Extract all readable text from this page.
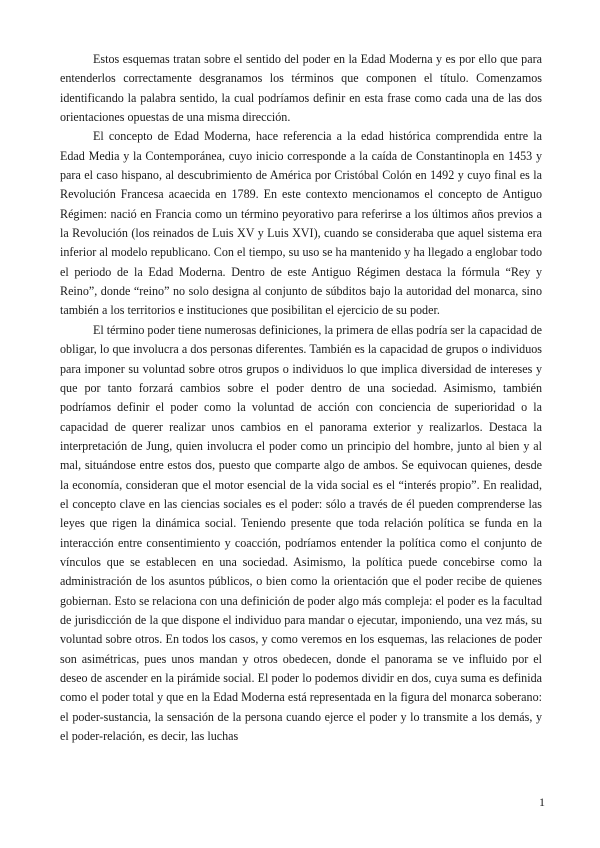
Estos esquemas tratan sobre el sentido del poder en la Edad Moderna y es por ello que para entenderlos correctamente desgranamos los términos que componen el título. Comenzamos identificando la palabra sentido, la cual podríamos definir en esta frase como cada una de las dos orientaciones opuestas de una misma dirección.

El concepto de Edad Moderna, hace referencia a la edad histórica comprendida entre la Edad Media y la Contemporánea, cuyo inicio corresponde a la caída de Constantinopla en 1453 y para el caso hispano, al descubrimiento de América por Cristóbal Colón en 1492 y cuyo final es la Revolución Francesa acaecida en 1789. En este contexto mencionamos el concepto de Antiguo Régimen: nació en Francia como un término peyorativo para referirse a los últimos años previos a la Revolución (los reinados de Luis XV y Luis XVI), cuando se consideraba que aquel sistema era inferior al modelo republicano. Con el tiempo, su uso se ha mantenido y ha llegado a englobar todo el periodo de la Edad Moderna. Dentro de este Antiguo Régimen destaca la fórmula “Rey y Reino”, donde “reino” no solo designa al conjunto de súbditos bajo la autoridad del monarca, sino también a los territorios e instituciones que posibilitan el ejercicio de su poder.

El término poder tiene numerosas definiciones, la primera de ellas podría ser la capacidad de obligar, lo que involucra a dos personas diferentes. También es la capacidad de grupos o individuos para imponer su voluntad sobre otros grupos o individuos lo que implica diversidad de intereses y que por tanto forzará cambios sobre el poder dentro de una sociedad. Asimismo, también podríamos definir el poder como la voluntad de acción con conciencia de superioridad o la capacidad de querer realizar unos cambios en el panorama exterior y realizarlos. Destaca la interpretación de Jung, quien involucra el poder como un principio del hombre, junto al bien y al mal, situándose entre estos dos, puesto que comparte algo de ambos. Se equivocan quienes, desde la economía, consideran que el motor esencial de la vida social es el “interés propio”. En realidad, el concepto clave en las ciencias sociales es el poder: sólo a través de él pueden comprenderse las leyes que rigen la dinámica social. Teniendo presente que toda relación política se funda en la interacción entre consentimiento y coacción, podríamos entender la política como el conjunto de vínculos que se establecen en una sociedad. Asimismo, la política puede concebirse como la administración de los asuntos públicos, o bien como la orientación que el poder recibe de quienes gobiernan. Esto se relaciona con una definición de poder algo más compleja: el poder es la facultad de jurisdicción de la que dispone el individuo para mandar o ejecutar, imponiendo, una vez más, su voluntad sobre otros. En todos los casos, y como veremos en los esquemas, las relaciones de poder son asimétricas, pues unos mandan y otros obedecen, donde el panorama se ve influido por el deseo de ascender en la pirámide social. El poder lo podemos dividir en dos, cuya suma es definida como el poder total y que en la Edad Moderna está representada en la figura del monarca soberano: el poder-sustancia, la sensación de la persona cuando ejerce el poder y lo transmite a los demás, y el poder-relación, es decir, las luchas

1
